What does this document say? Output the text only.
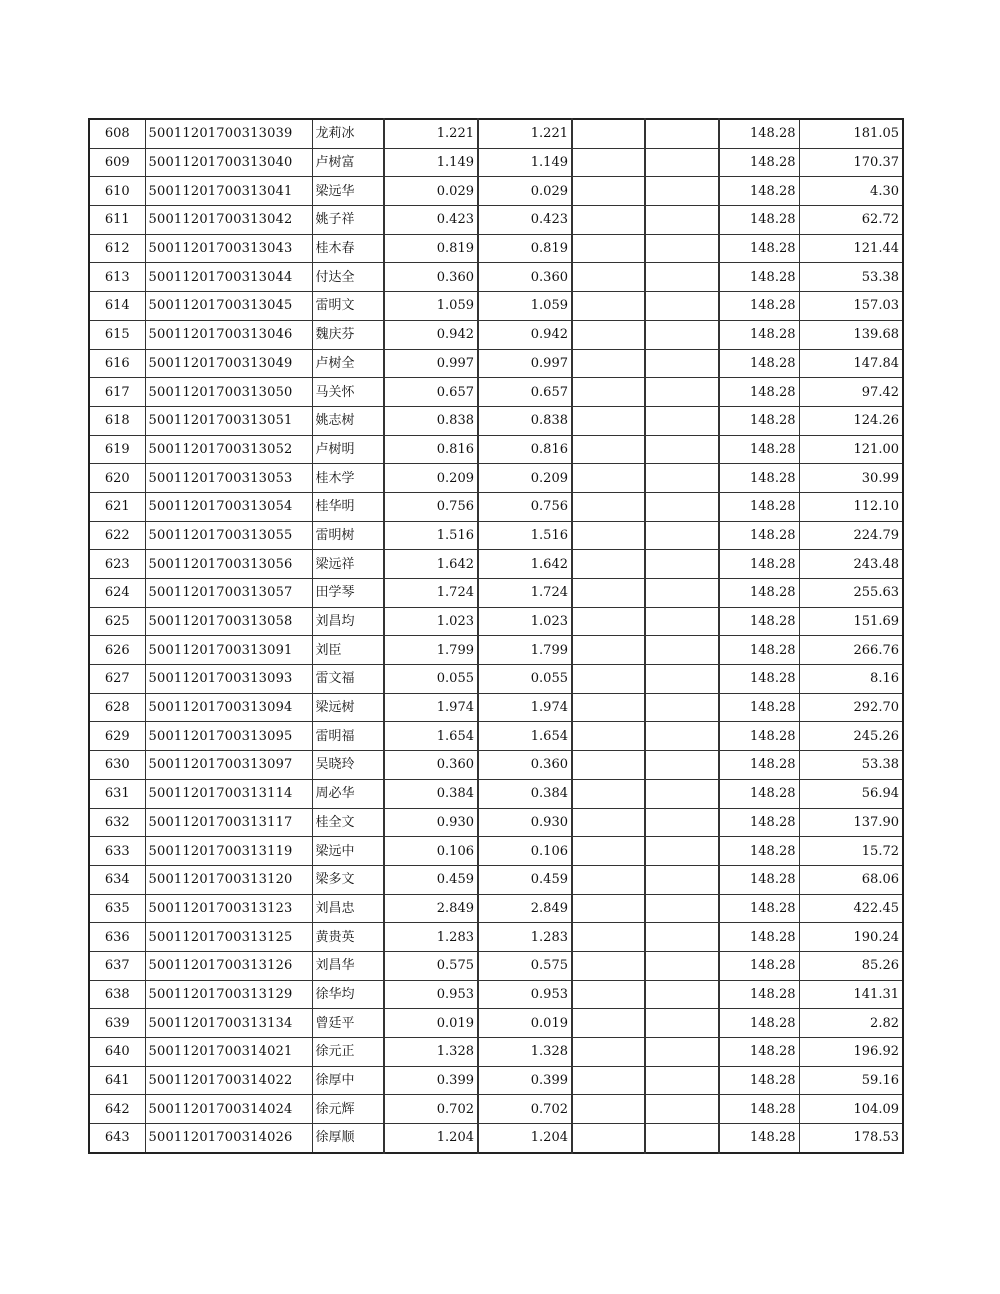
608	50011201700313039	龙莉冰	1.221	1.221			148.28	181.05
609	50011201700313040	卢树富	1.149	1.149			148.28	170.37
610	50011201700313041	梁远华	0.029	0.029			148.28	4.30
611	50011201700313042	姚子祥	0.423	0.423			148.28	62.72
612	50011201700313043	桂木春	0.819	0.819			148.28	121.44
613	50011201700313044	付达全	0.360	0.360			148.28	53.38
614	50011201700313045	雷明文	1.059	1.059			148.28	157.03
615	50011201700313046	魏庆芬	0.942	0.942			148.28	139.68
616	50011201700313049	卢树全	0.997	0.997			148.28	147.84
617	50011201700313050	马关怀	0.657	0.657			148.28	97.42
618	50011201700313051	姚志树	0.838	0.838			148.28	124.26
619	50011201700313052	卢树明	0.816	0.816			148.28	121.00
620	50011201700313053	桂木学	0.209	0.209			148.28	30.99
621	50011201700313054	桂华明	0.756	0.756			148.28	112.10
622	50011201700313055	雷明树	1.516	1.516			148.28	224.79
623	50011201700313056	梁远祥	1.642	1.642			148.28	243.48
624	50011201700313057	田学琴	1.724	1.724			148.28	255.63
625	50011201700313058	刘昌均	1.023	1.023			148.28	151.69
626	50011201700313091	刘臣	1.799	1.799			148.28	266.76
627	50011201700313093	雷文福	0.055	0.055			148.28	8.16
628	50011201700313094	梁远树	1.974	1.974			148.28	292.70
629	50011201700313095	雷明福	1.654	1.654			148.28	245.26
630	50011201700313097	吴晓玲	0.360	0.360			148.28	53.38
631	50011201700313114	周必华	0.384	0.384			148.28	56.94
632	50011201700313117	桂全文	0.930	0.930			148.28	137.90
633	50011201700313119	梁远中	0.106	0.106			148.28	15.72
634	50011201700313120	梁多文	0.459	0.459			148.28	68.06
635	50011201700313123	刘昌忠	2.849	2.849			148.28	422.45
636	50011201700313125	黄贵英	1.283	1.283			148.28	190.24
637	50011201700313126	刘昌华	0.575	0.575			148.28	85.26
638	50011201700313129	徐华均	0.953	0.953			148.28	141.31
639	50011201700313134	曾廷平	0.019	0.019			148.28	2.82
640	50011201700314021	徐元正	1.328	1.328			148.28	196.92
641	50011201700314022	徐厚中	0.399	0.399			148.28	59.16
642	50011201700314024	徐元辉	0.702	0.702			148.28	104.09
643	50011201700314026	徐厚顺	1.204	1.204			148.28	178.53
